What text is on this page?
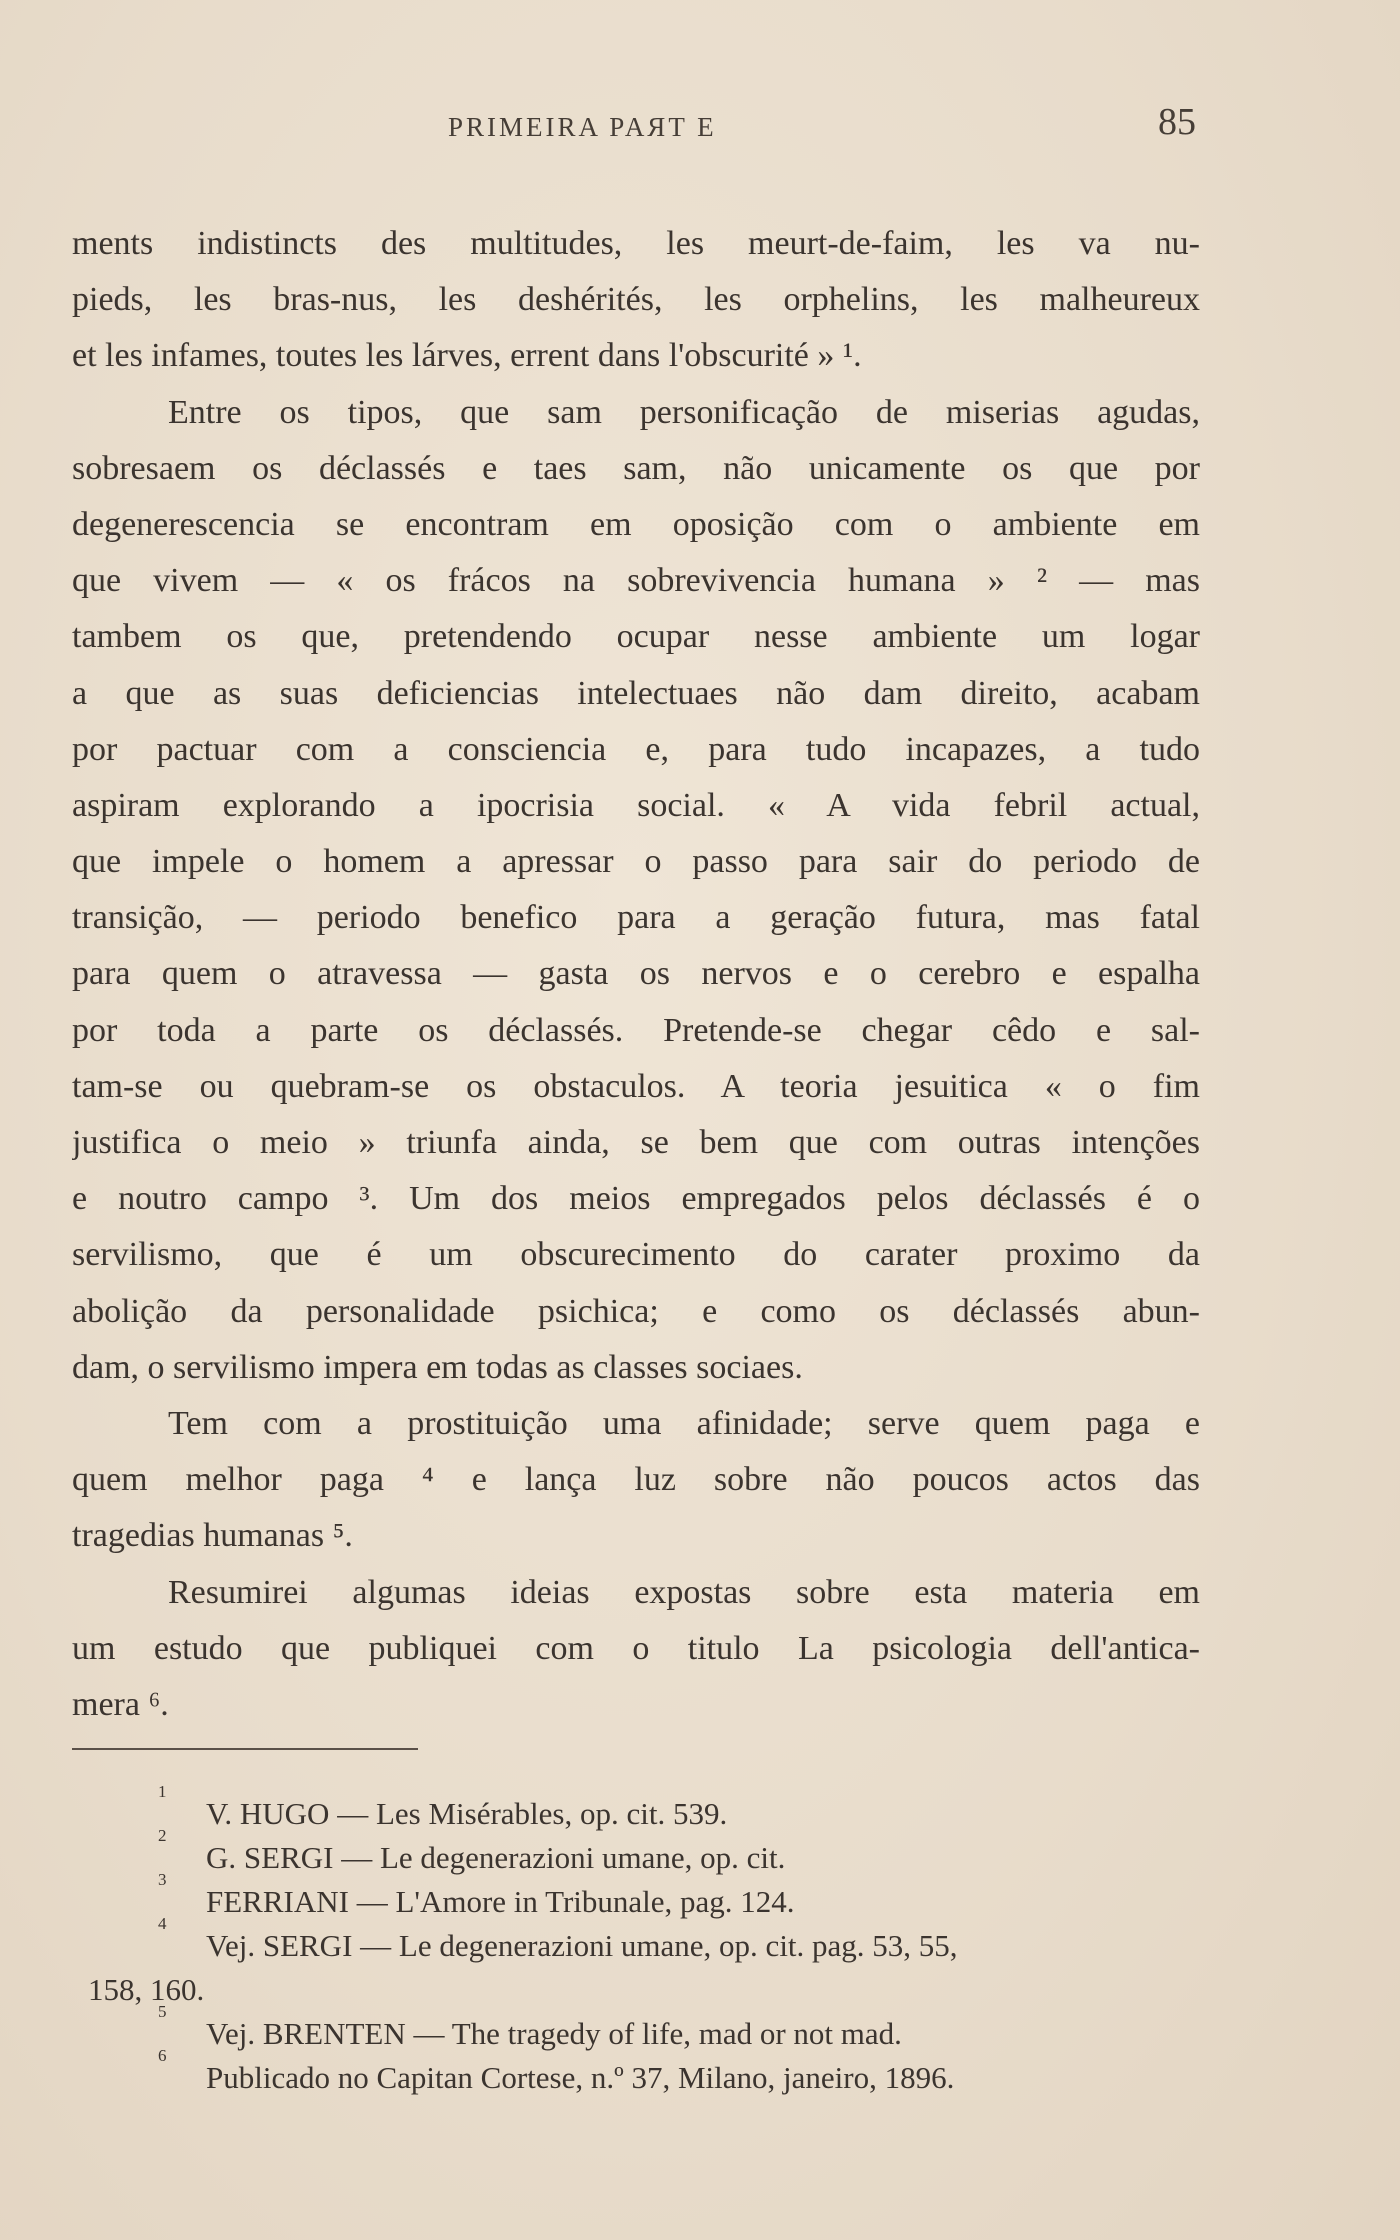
PRIMEIRA PAЯT E	85
ments indistincts des multitudes, les meurt-de-faim, les va nu-
pieds, les bras-nus, les deshérités, les orphelins, les malheureux
et les infames, toutes les lárves, errent dans l'obscurité » ¹.
Entre os tipos, que sam personificação de miserias agudas,
sobresaem os déclassés e taes sam, não unicamente os que por
degenerescencia se encontram em oposição com o ambiente em
que vivem — « os frácos na sobrevivencia humana » ² — mas
tambem os que, pretendendo ocupar nesse ambiente um logar
a que as suas deficiencias intelectuaes não dam direito, acabam
por pactuar com a consciencia e, para tudo incapazes, a tudo
aspiram explorando a ipocrisia social. « A vida febril actual,
que impele o homem a apressar o passo para sair do periodo de
transição, — periodo benefico para a geração futura, mas fatal
para quem o atravessa — gasta os nervos e o cerebro e espalha
por toda a parte os déclassés. Pretende-se chegar cêdo e sal-
tam-se ou quebram-se os obstaculos. A teoria jesuitica « o fim
justifica o meio » triunfa ainda, se bem que com outras intenções
e noutro campo ³. Um dos meios empregados pelos déclassés é o
servilismo, que é um obscurecimento do carater proximo da
abolição da personalidade psichica; e como os déclassés abun-
dam, o servilismo impera em todas as classes sociaes.
Tem com a prostituição uma afinidade; serve quem paga e
quem melhor paga ⁴ e lança luz sobre não poucos actos das
tragedias humanas ⁵.
Resumirei algumas ideias expostas sobre esta materia em
um estudo que publiquei com o titulo La psicologia dell'antica-
mera ⁶.
1
V. HUGO — Les Misérables, op. cit. 539.
2
G. SERGI — Le degenerazioni umane, op. cit.
3
FERRIANI — L'Amore in Tribunale, pag. 124.
4
Vej. SERGI — Le degenerazioni umane, op. cit. pag. 53, 55,
158, 160.
5
Vej. BRENTEN — The tragedy of life, mad or not mad.
6
Publicado no Capitan Cortese, n.º 37, Milano, janeiro, 1896.
